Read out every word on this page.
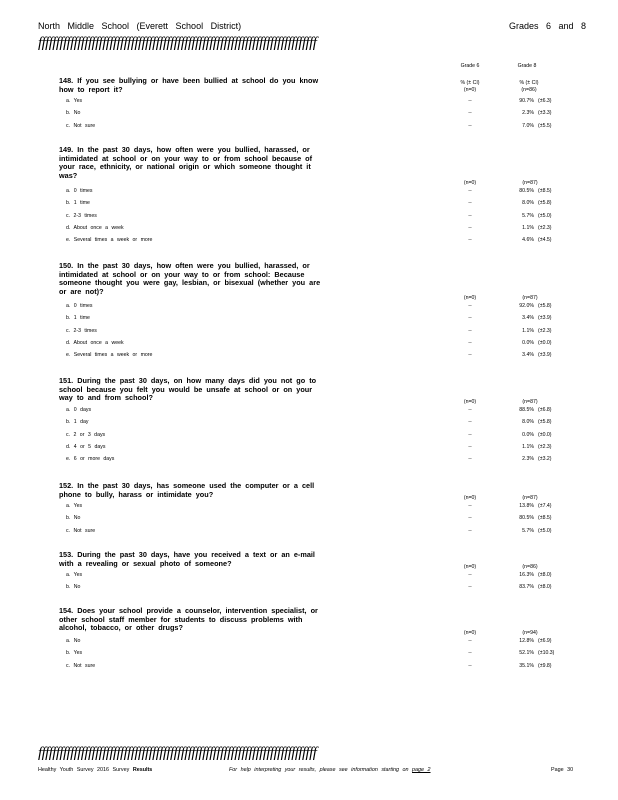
North Middle School (Everett School District)	Grades 6 and 8
ffffffffffffffffffffffffffffffffffffffffffffffffffffffffffffffffffffffffffffff
Grade 6	Grade 8
% (± CI)	% (± CI)
(n=0)	(n=86)
148. If you see bullying or have been bullied at school do you know how to report it?
a. Yes	--	90.7% (±6.3)
b. No	--	2.3% (±3.3)
c. Not sure	--	7.0% (±5.5)
149. In the past 30 days, how often were you bullied, harassed, or intimidated at school or on your way to or from school because of your race, ethnicity, or national origin or which someone thought it was?
(n=0)	(n=87)
a. 0 times	--	80.5% (±8.5)
b. 1 time	--	8.0% (±5.8)
c. 2-3 times	--	5.7% (±5.0)
d. About once a week	--	1.1% (±2.3)
e. Several times a week or more	--	4.6% (±4.5)
150. In the past 30 days, how often were you bullied, harassed, or intimidated at school or on your way to or from school: Because someone thought you were gay, lesbian, or bisexual (whether you are or are not)?
(n=0)	(n=87)
a. 0 times	--	92.0% (±5.8)
b. 1 time	--	3.4% (±3.9)
c. 2-3 times	--	1.1% (±2.3)
d. About once a week	--	0.0% (±0.0)
e. Several times a week or more	--	3.4% (±3.9)
151. During the past 30 days, on how many days did you not go to school because you felt you would be unsafe at school or on your way to and from school?	(n=0)	(n=87)
a. 0 days	--	88.5% (±6.8)
b. 1 day	--	8.0% (±5.8)
c. 2 or 3 days	--	0.0% (±0.0)
d. 4 or 5 days	--	1.1% (±2.3)
e. 6 or more days	--	2.3% (±3.2)
152. In the past 30 days, has someone used the computer or a cell phone to bully, harass or intimidate you?	(n=0)	(n=87)
a. Yes	--	13.8% (±7.4)
b. No	--	80.5% (±8.5)
c. Not sure	--	5.7% (±5.0)
153. During the past 30 days, have you received a text or an e-mail with a revealing or sexual photo of someone?	(n=0)	(n=86)
a. Yes	--	16.3% (±8.0)
b. No	--	83.7% (±8.0)
154. Does your school provide a counselor, intervention specialist, or other school staff member for students to discuss problems with alcohol, tobacco, or other drugs?
(n=0)	(n=94)
a. No	--	12.8% (±6.9)
b. Yes	--	52.1% (±10.3)
c. Not sure	--	35.1% (±9.8)
ffffffffffffffffffffffffffffffffffffffffffffffffffffffffffffffffffffffffffffff
Healthy Youth Survey 2016 Survey Results	For help interpreting your results, please see information starting on page 2	Page 30
